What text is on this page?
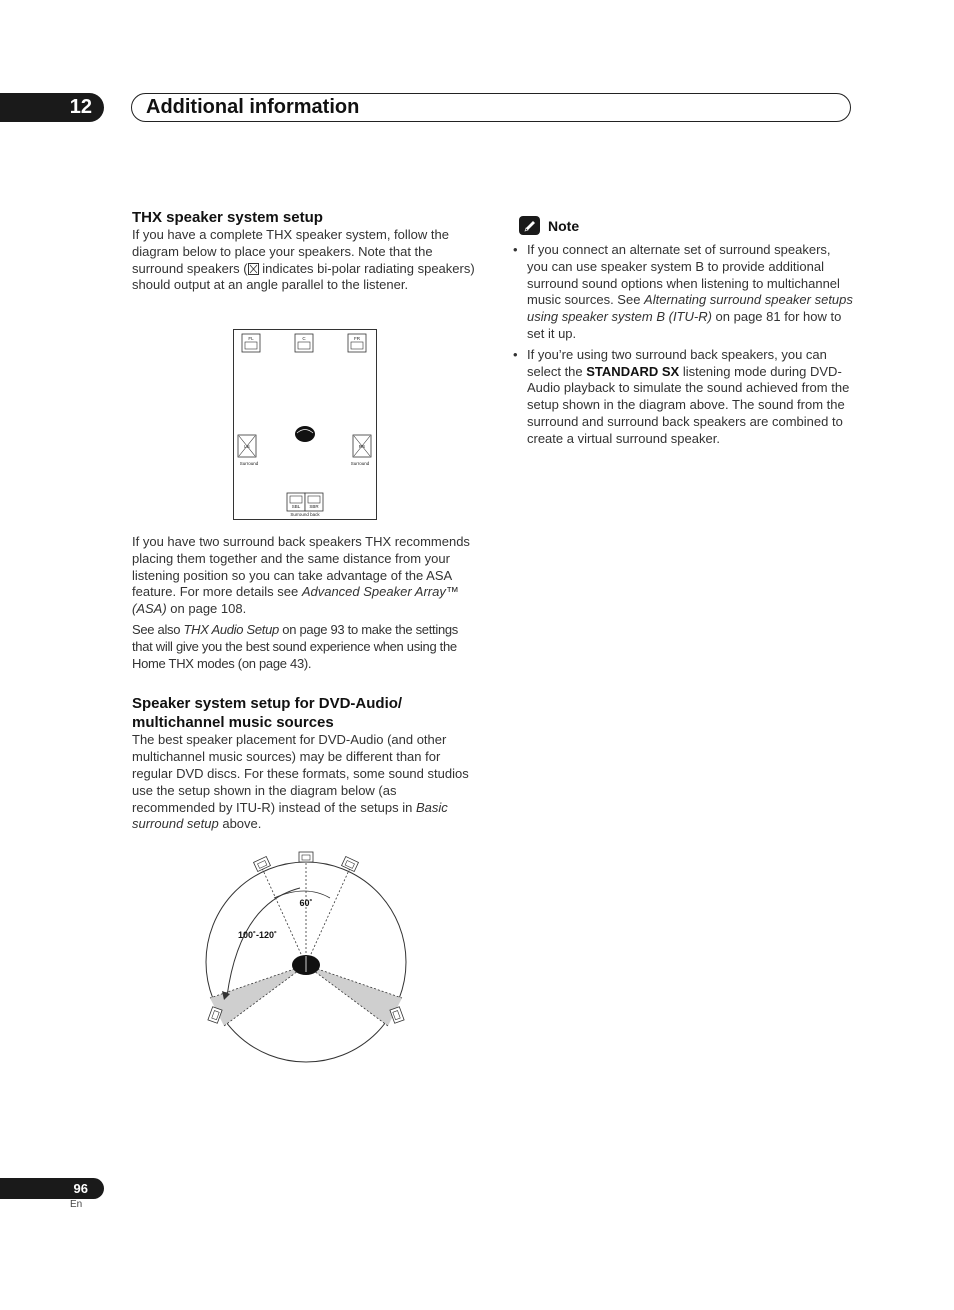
12	Additional information
THX speaker system setup

If you have a complete THX speaker system, follow the diagram below to place your speakers. Note that the surround speakers ( indicates bi-polar radiating speakers) should output at an angle parallel to the listener.

FL	C	FR
LS
Surround
RS
Surround
SBL SBR
Surround back

If you have two surround back speakers THX recommends placing them together and the same distance from your listening position so you can take advantage of the ASA feature. For more details see Advanced Speaker Array™ (ASA) on page 108.

See also THX Audio Setup on page 93 to make the settings that will give you the best sound experience when using the Home THX modes (on page 43).

Speaker system setup for DVD-Audio/
multichannel music sources

The best speaker placement for DVD-Audio (and other multichannel music sources) may be different than for regular DVD discs. For these formats, some sound studios use the setup shown in the diagram below (as recommended by ITU-R) instead of the setups in Basic surround setup above.

60˚
100˚-120˚
Note
• If you connect an alternate set of surround speakers, you can use speaker system B to provide additional surround sound options when listening to multichannel music sources. See Alternating surround speaker setups using speaker system B (ITU-R) on page 81 for how to set it up.
• If you’re using two surround back speakers, you can select the STANDARD SX listening mode during DVD-Audio playback to simulate the sound achieved from the setup shown in the diagram above. The sound from the surround and surround back speakers are combined to create a virtual surround speaker.
96
En
